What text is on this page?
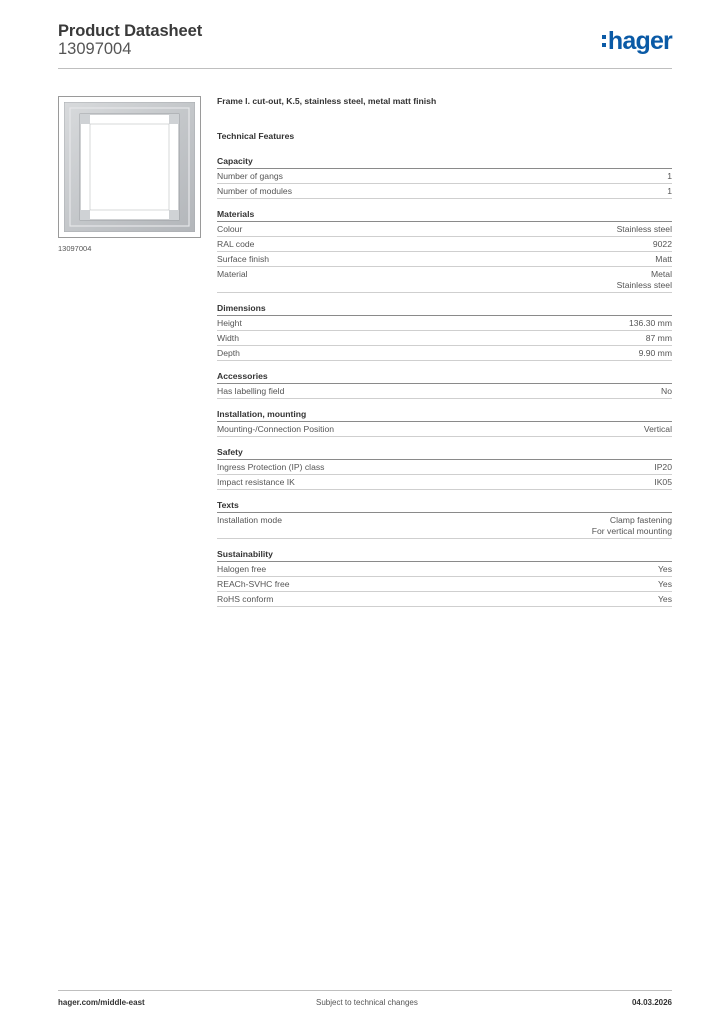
Product Datasheet
13097004	hager
13097004
Frame l. cut-out, K.5, stainless steel, metal matt finish
Technical Features
Capacity
Number of gangs	1
Number of modules	1
Materials
Colour	Stainless steel
RAL code	9022
Surface finish	Matt
Material	Metal
Stainless steel
Dimensions
Height	136.30 mm
Width	87 mm
Depth	9.90 mm
Accessories
Has labelling field	No
Installation, mounting
Mounting-/Connection Position	Vertical
Safety
Ingress Protection (IP) class	IP20
Impact resistance IK	IK05
Texts
Installation mode	Clamp fastening
For vertical mounting
Sustainability
Halogen free	Yes
REACh-SVHC free	Yes
RoHS conform	Yes
hager.com/middle-east	Subject to technical changes	04.03.2026
